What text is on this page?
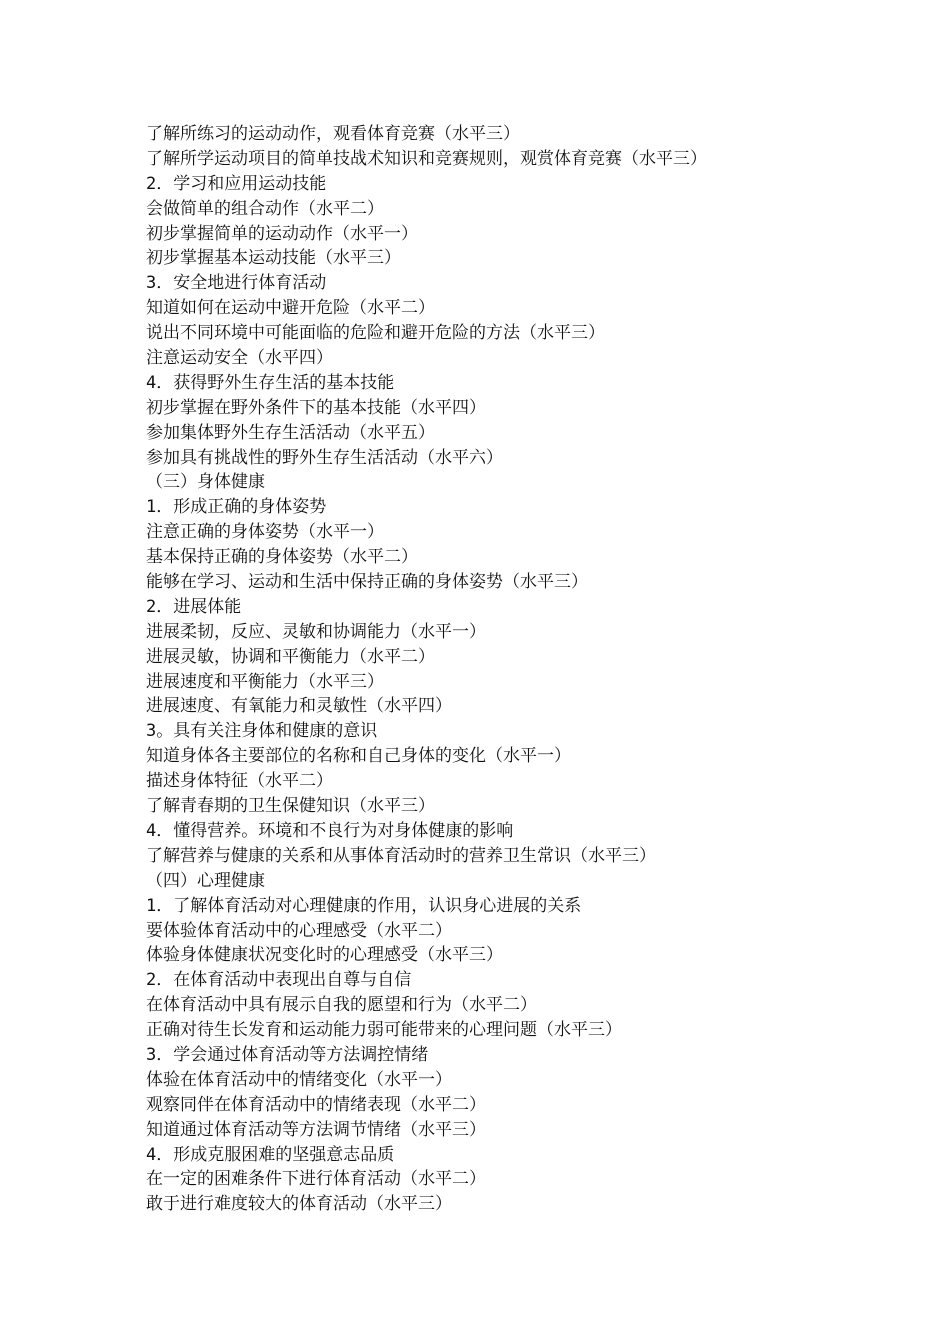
了解所练习的运动动作，观看体育竞赛（水平三）
了解所学运动项目的简单技战术知识和竞赛规则，观赏体育竞赛（水平三）
2．学习和应用运动技能
会做简单的组合动作（水平二）
初步掌握简单的运动动作（水平一）
初步掌握基本运动技能（水平三）
3．安全地进行体育活动
知道如何在运动中避开危险（水平二）
说出不同环境中可能面临的危险和避开危险的方法（水平三）
注意运动安全（水平四）
4．获得野外生存生活的基本技能
初步掌握在野外条件下的基本技能（水平四）
参加集体野外生存生活活动（水平五）
参加具有挑战性的野外生存生活活动（水平六）
（三）身体健康
1．形成正确的身体姿势
注意正确的身体姿势（水平一）
基本保持正确的身体姿势（水平二）
能够在学习、运动和生活中保持正确的身体姿势（水平三）
2．进展体能
进展柔韧，反应、灵敏和协调能力（水平一）
进展灵敏，协调和平衡能力（水平二）
进展速度和平衡能力（水平三）
进展速度、有氧能力和灵敏性（水平四）
3。具有关注身体和健康的意识
知道身体各主要部位的名称和自己身体的变化（水平一）
描述身体特征（水平二）
了解青春期的卫生保健知识（水平三）
4．懂得营养。环境和不良行为对身体健康的影响
了解营养与健康的关系和从事体育活动时的营养卫生常识（水平三）
（四）心理健康
1．了解体育活动对心理健康的作用，认识身心进展的关系
要体验体育活动中的心理感受（水平二）
体验身体健康状况变化时的心理感受（水平三）
2．在体育活动中表现出自尊与自信
在体育活动中具有展示自我的愿望和行为（水平二）
正确对待生长发育和运动能力弱可能带来的心理问题（水平三）
3．学会通过体育活动等方法调控情绪
体验在体育活动中的情绪变化（水平一）
观察同伴在体育活动中的情绪表现（水平二）
知道通过体育活动等方法调节情绪（水平三）
4．形成克服困难的坚强意志品质
在一定的困难条件下进行体育活动（水平二）
敢于进行难度较大的体育活动（水平三）
